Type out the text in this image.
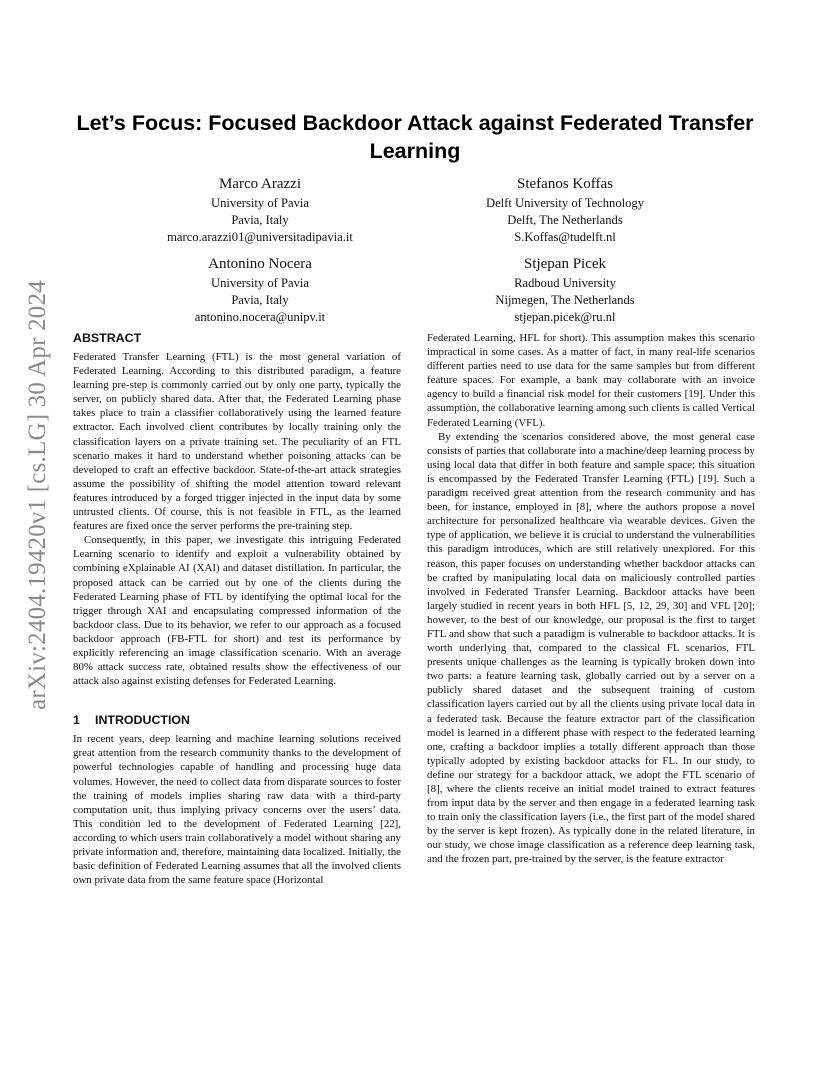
arXiv:2404.19420v1 [cs.LG] 30 Apr 2024
Let’s Focus: Focused Backdoor Attack against Federated Transfer Learning
Marco Arazzi
University of Pavia
Pavia, Italy
marco.arazzi01@universitadipavia.it
Stefanos Koffas
Delft University of Technology
Delft, The Netherlands
S.Koffas@tudelft.nl
Antonino Nocera
University of Pavia
Pavia, Italy
antonino.nocera@unipv.it
Stjepan Picek
Radboud University
Nijmegen, The Netherlands
stjepan.picek@ru.nl
ABSTRACT

Federated Transfer Learning (FTL) is the most general variation of Federated Learning. According to this distributed paradigm, a feature learning pre-step is commonly carried out by only one party, typically the server, on publicly shared data. After that, the Federated Learning phase takes place to train a classifier collaboratively using the learned feature extractor. Each involved client contributes by locally training only the classification layers on a private training set. The peculiarity of an FTL scenario makes it hard to understand whether poisoning attacks can be developed to craft an effective backdoor. State-of-the-art attack strategies assume the possibility of shifting the model attention toward relevant features introduced by a forged trigger injected in the input data by some untrusted clients. Of course, this is not feasible in FTL, as the learned features are fixed once the server performs the pre-training step.

Consequently, in this paper, we investigate this intriguing Federated Learning scenario to identify and exploit a vulnerability obtained by combining eXplainable AI (XAI) and dataset distillation. In particular, the proposed attack can be carried out by one of the clients during the Federated Learning phase of FTL by identifying the optimal local for the trigger through XAI and encapsulating compressed information of the backdoor class. Due to its behavior, we refer to our approach as a focused backdoor approach (FB-FTL for short) and test its performance by explicitly referencing an image classification scenario. With an average 80% attack success rate, obtained results show the effectiveness of our attack also against existing defenses for Federated Learning.

1 INTRODUCTION

In recent years, deep learning and machine learning solutions received great attention from the research community thanks to the development of powerful technologies capable of handling and processing huge data volumes. However, the need to collect data from disparate sources to foster the training of models implies sharing raw data with a third-party computation unit, thus implying privacy concerns over the users’ data. This condition led to the development of Federated Learning [22], according to which users train collaboratively a model without sharing any private information and, therefore, maintaining data localized. Initially, the basic definition of Federated Learning assumes that all the involved clients own private data from the same feature space (Horizontal

Federated Learning, HFL for short). This assumption makes this scenario impractical in some cases. As a matter of fact, in many real-life scenarios different parties need to use data for the same samples but from different feature spaces. For example, a bank may collaborate with an invoice agency to build a financial risk model for their customers [19]. Under this assumption, the collaborative learning among such clients is called Vertical Federated Learning (VFL).

By extending the scenarios considered above, the most general case consists of parties that collaborate into a machine/deep learning process by using local data that differ in both feature and sample space; this situation is encompassed by the Federated Transfer Learning (FTL) [19]. Such a paradigm received great attention from the research community and has been, for instance, employed in [8], where the authors propose a novel architecture for personalized healthcare via wearable devices. Given the type of application, we believe it is crucial to understand the vulnerabilities this paradigm introduces, which are still relatively unexplored. For this reason, this paper focuses on understanding whether backdoor attacks can be crafted by manipulating local data on maliciously controlled parties involved in Federated Transfer Learning. Backdoor attacks have been largely studied in recent years in both HFL [5, 12, 29, 30] and VFL [20]; however, to the best of our knowledge, our proposal is the first to target FTL and show that such a paradigm is vulnerable to backdoor attacks. It is worth underlying that, compared to the classical FL scenarios, FTL presents unique challenges as the learning is typically broken down into two parts: a feature learning task, globally carried out by a server on a publicly shared dataset and the subsequent training of custom classification layers carried out by all the clients using private local data in a federated task. Because the feature extractor part of the classification model is learned in a different phase with respect to the federated learning one, crafting a backdoor implies a totally different approach than those typically adopted by existing backdoor attacks for FL. In our study, to define our strategy for a backdoor attack, we adopt the FTL scenario of [8], where the clients receive an initial model trained to extract features from input data by the server and then engage in a federated learning task to train only the classification layers (i.e., the first part of the model shared by the server is kept frozen). As typically done in the related literature, in our study, we chose image classification as a reference deep learning task, and the frozen part, pre-trained by the server, is the feature extractor
